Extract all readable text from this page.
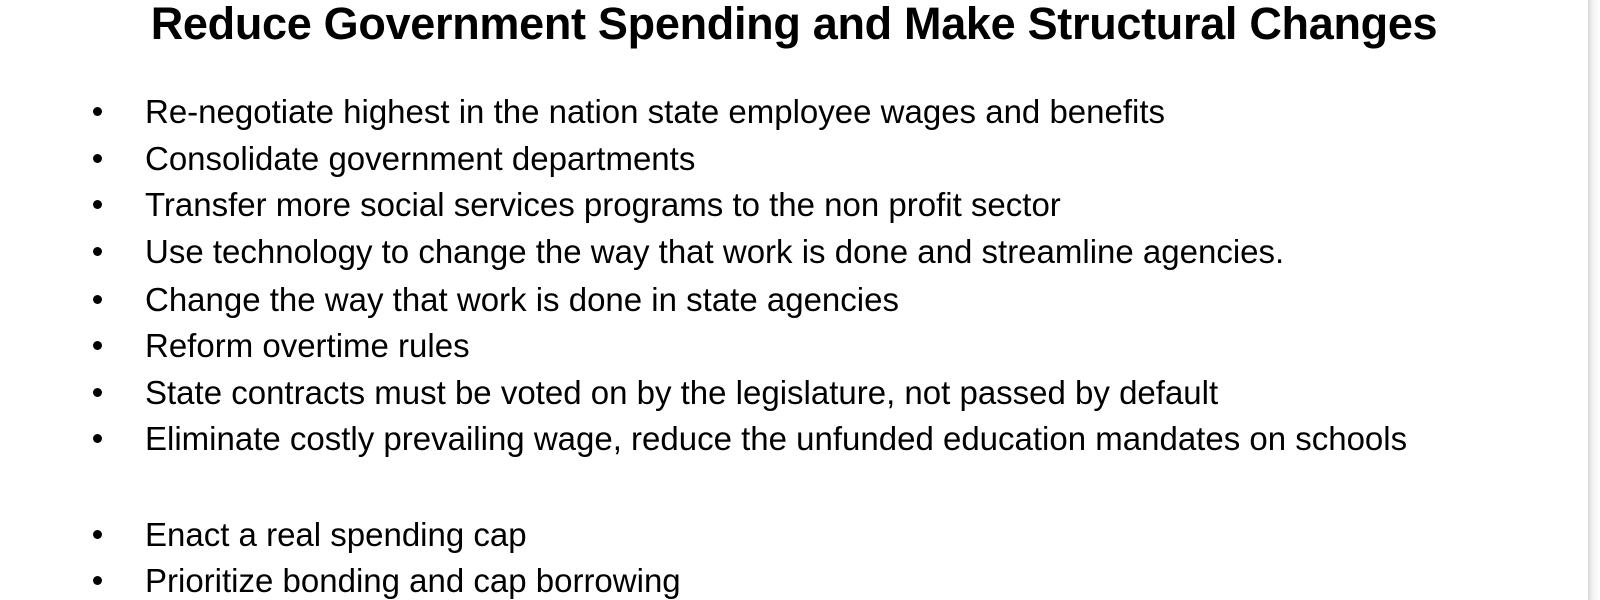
Reduce Government Spending and Make Structural Changes
Re-negotiate highest in the nation state employee wages and benefits
Consolidate government departments
Transfer more social services programs to the non profit sector
Use technology to change the way that work is done and streamline agencies.
Change the way that work is done in state agencies
Reform overtime rules
State contracts must be voted on by the legislature, not passed by default
Eliminate costly prevailing wage, reduce the unfunded education mandates on schools
Enact a real spending cap
Prioritize bonding and cap borrowing
